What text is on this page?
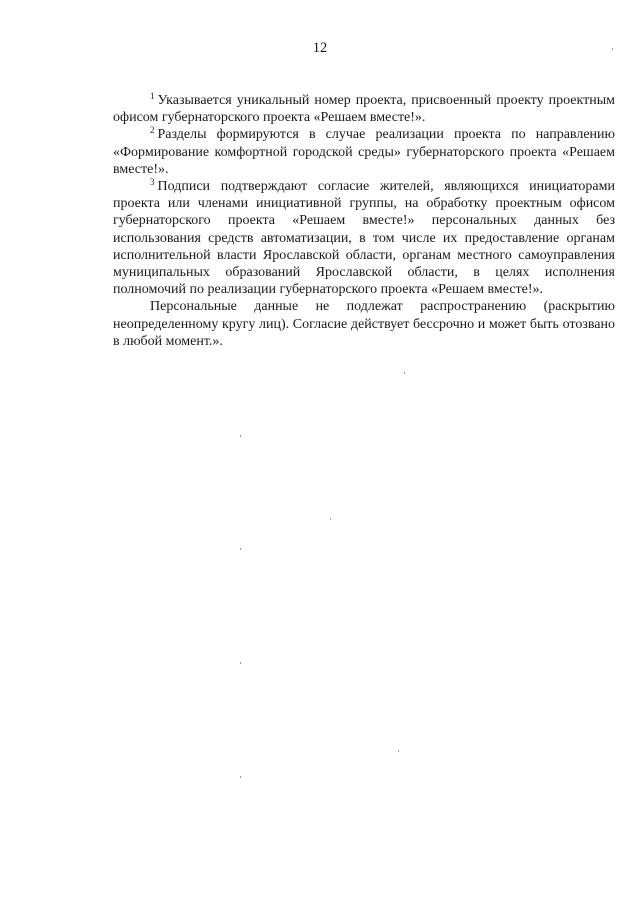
12

$^1$ Указывается уникальный номер проекта, присвоенный проекту проектным офисом губернаторского проекта «Решаем вместе!».

$^2$ Разделы формируются в случае реализации проекта по направлению «Формирование комфортной городской среды» губернаторского проекта «Решаем вместе!».

$^3$ Подписи подтверждают согласие жителей, являющихся инициаторами проекта или членами инициативной группы, на обработку проектным офисом губернаторского проекта «Решаем вместе!» персональных данных без использования средств автоматизации, в том числе их предоставление органам исполнительной власти Ярославской области, органам местного самоуправления муниципальных образований Ярославской области, в целях исполнения полномочий по реализации губернаторского проекта «Решаем вместе!».

Персональные данные не подлежат распространению (раскрытию неопределенному кругу лиц). Согласие действует бессрочно и может быть отозвано в любой момент.».
